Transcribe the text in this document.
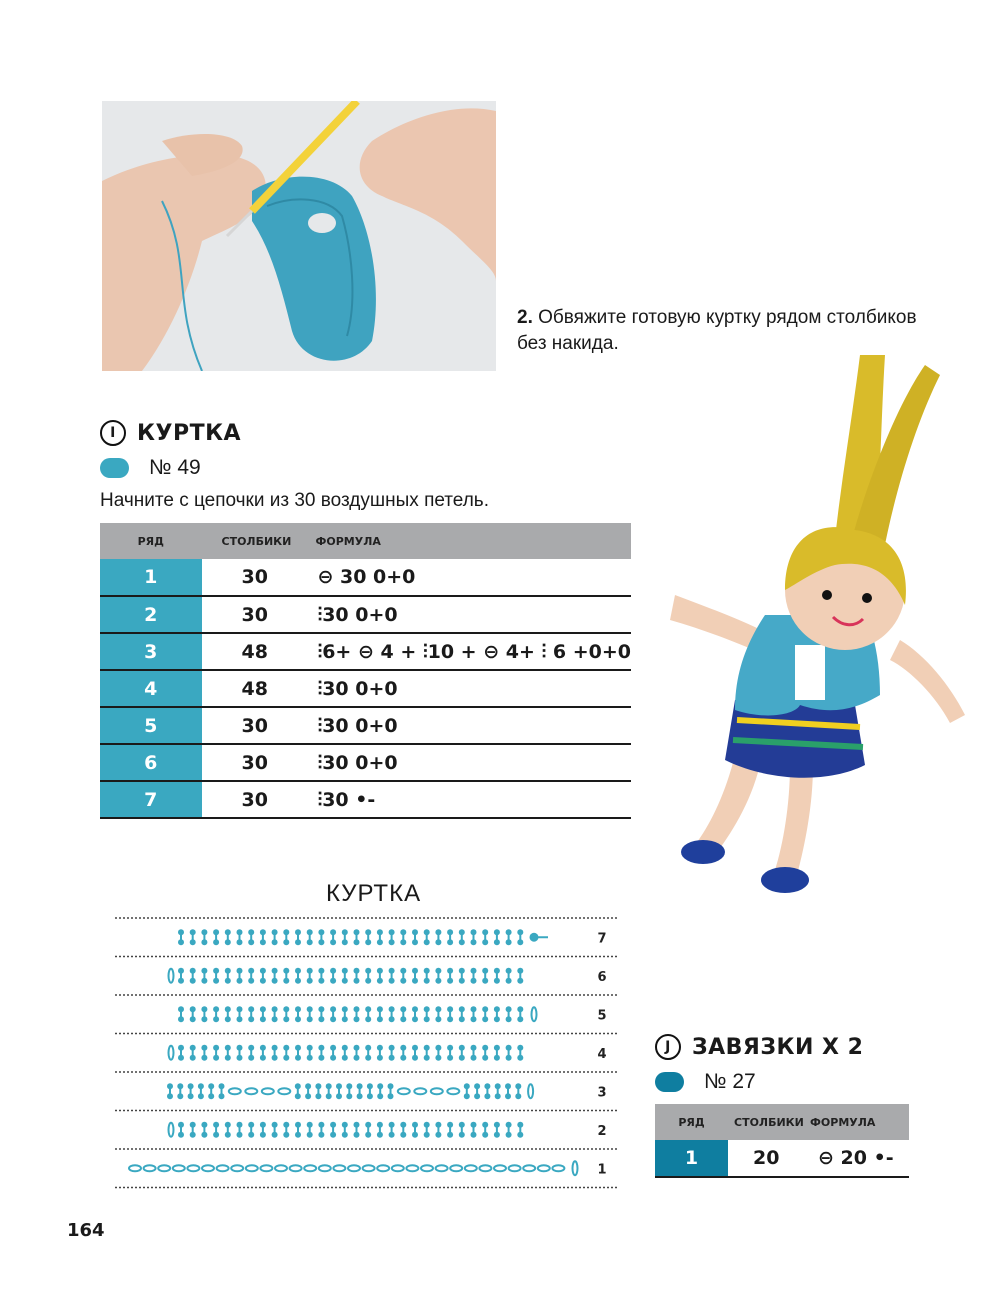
2. Обвяжите готовую куртку рядом столбиков без накида.

I КУРТКА
№ 49

Начните с цепочки из 30 воздушных петель.

РЯД	СТОЛБИКИ	ФОРМУЛА
1	30	⊖ 30 0+0
2	30	⫶30 0+0
3	48	⫶6+ ⊖ 4 + ⫶10 + ⊖ 4+ ⫶ 6 +0+0
4	48	⫶30 0+0
5	30	⫶30 0+0
6	30	⫶30 0+0
7	30	⫶30 •-
КУРТКА
7
6
5
4
3
2
1
J ЗАВЯЗКИ Х 2
№ 27
РЯД	СТОЛБИКИ	ФОРМУЛА
1	20	⊖ 20 •-
164
